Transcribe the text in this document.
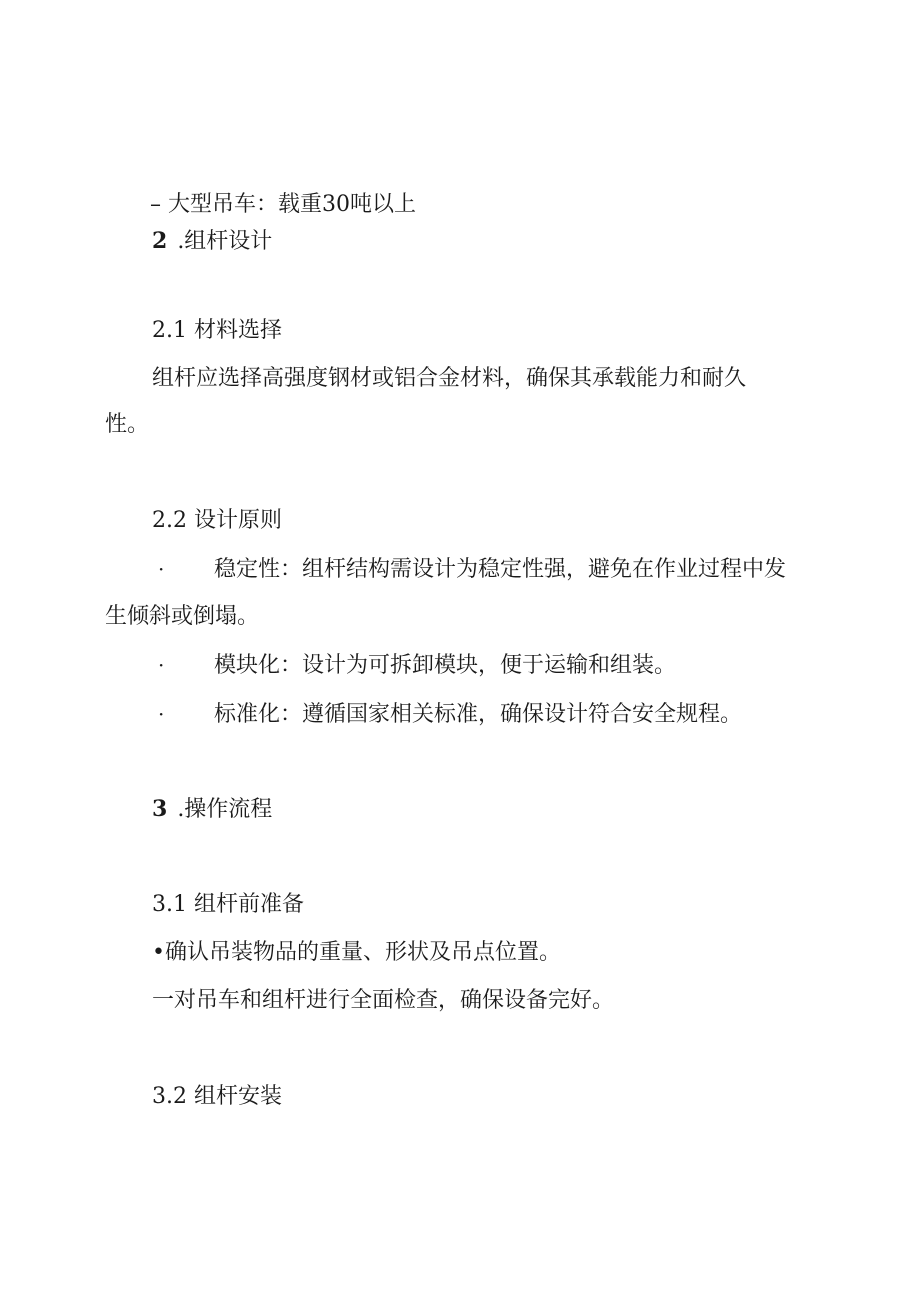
– 大型吊车：载重30吨以上
2 .组杆设计
2.1 材料选择
组杆应选择高强度钢材或铝合金材料，确保其承载能力和耐久
性。
2.2 设计原则
· 稳定性：组杆结构需设计为稳定性强，避免在作业过程中发
生倾斜或倒塌。
· 模块化：设计为可拆卸模块，便于运输和组装。
· 标准化：遵循国家相关标准，确保设计符合安全规程。
3 .操作流程
3.1 组杆前准备
•确认吊装物品的重量、形状及吊点位置。
一对吊车和组杆进行全面检查，确保设备完好。
3.2 组杆安装
